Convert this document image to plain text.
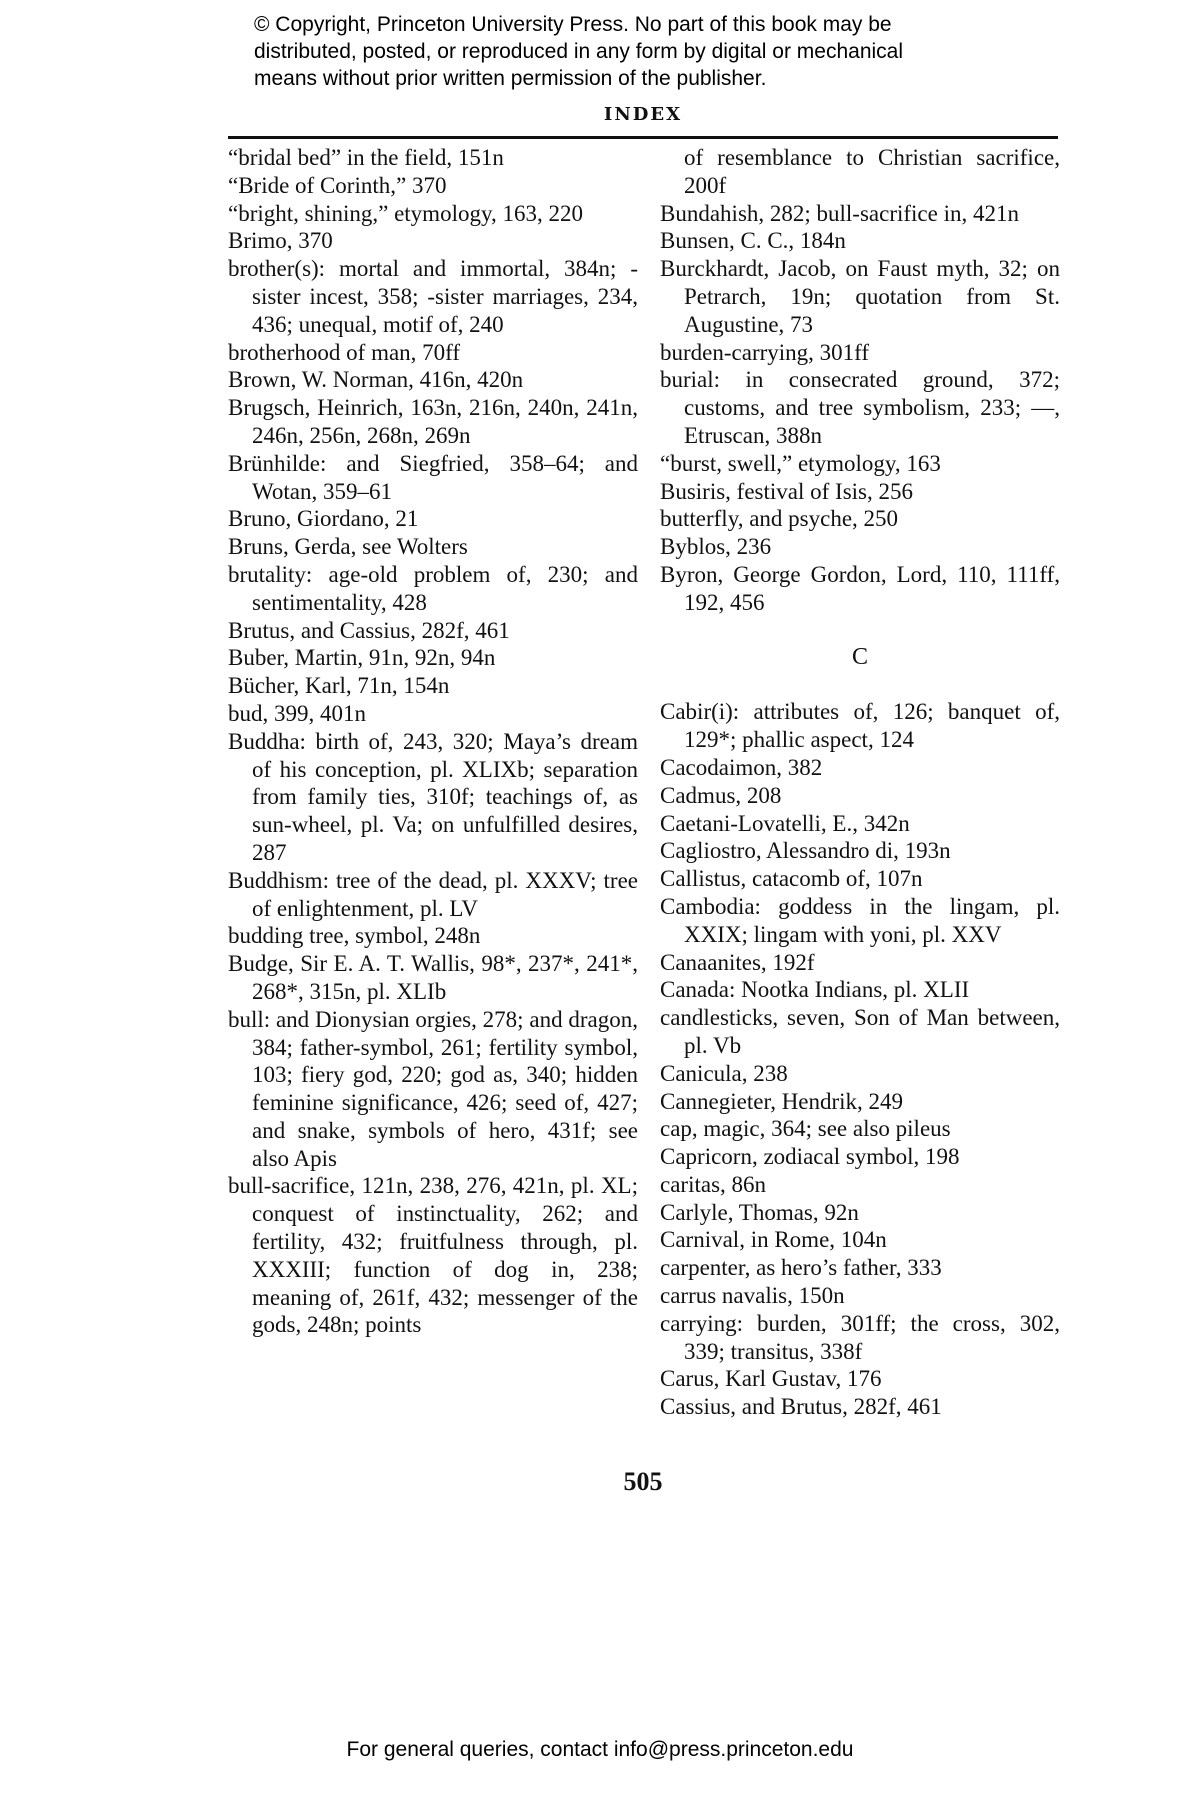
© Copyright, Princeton University Press. No part of this book may be
distributed, posted, or reproduced in any form by digital or mechanical
means without prior written permission of the publisher.
INDEX
“bridal bed” in the field, 151n
“Bride of Corinth,” 370
“bright, shining,” etymology, 163, 220
Brimo, 370
brother(s): mortal and immortal, 384n; -sister incest, 358; -sister marriages, 234, 436; unequal, motif of, 240
brotherhood of man, 70ff
Brown, W. Norman, 416n, 420n
Brugsch, Heinrich, 163n, 216n, 240n, 241n, 246n, 256n, 268n, 269n
Brünhilde: and Siegfried, 358–64; and Wotan, 359–61
Bruno, Giordano, 21
Bruns, Gerda, see Wolters
brutality: age-old problem of, 230; and sentimentality, 428
Brutus, and Cassius, 282f, 461
Buber, Martin, 91n, 92n, 94n
Bücher, Karl, 71n, 154n
bud, 399, 401n
Buddha: birth of, 243, 320; Maya’s dream of his conception, pl. XLIXb; separation from family ties, 310f; teachings of, as sun-wheel, pl. Va; on unfulfilled desires, 287
Buddhism: tree of the dead, pl. XXXV; tree of enlightenment, pl. LV
budding tree, symbol, 248n
Budge, Sir E. A. T. Wallis, 98*, 237*, 241*, 268*, 315n, pl. XLIb
bull: and Dionysian orgies, 278; and dragon, 384; father-symbol, 261; fertility symbol, 103; fiery god, 220; god as, 340; hidden feminine significance, 426; seed of, 427; and snake, symbols of hero, 431f; see also Apis
bull-sacrifice, 121n, 238, 276, 421n, pl. XL; conquest of instinctuality, 262; and fertility, 432; fruitfulness through, pl. XXXIII; function of dog in, 238; meaning of, 261f, 432; messenger of the gods, 248n; points
of resemblance to Christian sacrifice, 200f
Bundahish, 282; bull-sacrifice in, 421n
Bunsen, C. C., 184n
Burckhardt, Jacob, on Faust myth, 32; on Petrarch, 19n; quotation from St. Augustine, 73
burden-carrying, 301ff
burial: in consecrated ground, 372; customs, and tree symbolism, 233; —, Etruscan, 388n
“burst, swell,” etymology, 163
Busiris, festival of Isis, 256
butterfly, and psyche, 250
Byblos, 236
Byron, George Gordon, Lord, 110, 111ff, 192, 456
C
Cabir(i): attributes of, 126; banquet of, 129*; phallic aspect, 124
Cacodaimon, 382
Cadmus, 208
Caetani-Lovatelli, E., 342n
Cagliostro, Alessandro di, 193n
Callistus, catacomb of, 107n
Cambodia: goddess in the lingam, pl. XXIX; lingam with yoni, pl. XXV
Canaanites, 192f
Canada: Nootka Indians, pl. XLII
candlesticks, seven, Son of Man between, pl. Vb
Canicula, 238
Cannegieter, Hendrik, 249
cap, magic, 364; see also pileus
Capricorn, zodiacal symbol, 198
caritas, 86n
Carlyle, Thomas, 92n
Carnival, in Rome, 104n
carpenter, as hero’s father, 333
carrus navalis, 150n
carrying: burden, 301ff; the cross, 302, 339; transitus, 338f
Carus, Karl Gustav, 176
Cassius, and Brutus, 282f, 461
505
For general queries, contact info@press.princeton.edu
